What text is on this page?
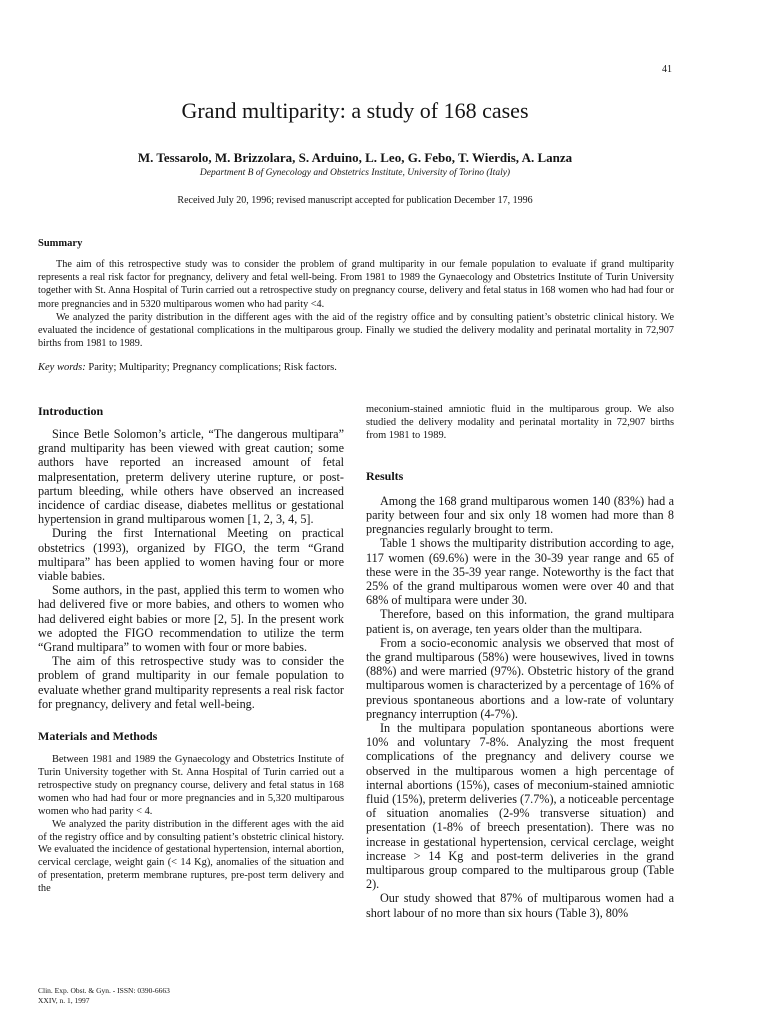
41
Grand multiparity: a study of 168 cases
M. Tessarolo, M. Brizzolara, S. Arduino, L. Leo, G. Febo, T. Wierdis, A. Lanza
Department B of Gynecology and Obstetrics Institute, University of Torino (Italy)
Received July 20, 1996; revised manuscript accepted for publication December 17, 1996
Summary

The aim of this retrospective study was to consider the problem of grand multiparity in our female population to evaluate if grand multiparity represents a real risk factor for pregnancy, delivery and fetal well-being. From 1981 to 1989 the Gynaecology and Obstetrics Institute of Turin University together with St. Anna Hospital of Turin carried out a retrospective study on pregnancy course, delivery and fetal status in 168 women who had had four or more pregnancies and in 5320 multiparous women who had parity <4.

We analyzed the parity distribution in the different ages with the aid of the registry office and by consulting patient’s obstetric clinical history. We evaluated the incidence of gestational complications in the multiparous group. Finally we studied the delivery modality and perinatal mortality in 72,907 births from 1981 to 1989.

Key words: Parity; Multiparity; Pregnancy complications; Risk factors.
Introduction

Since Betle Solomon’s article, “The dangerous multipara” grand multiparity has been viewed with great caution; some authors have reported an increased amount of fetal malpresentation, preterm delivery uterine rupture, or post-partum bleeding, while others have observed an increased incidence of cardiac disease, diabetes mellitus or gestational hypertension in grand multiparous women [1, 2, 3, 4, 5].

During the first International Meeting on practical obstetrics (1993), organized by FIGO, the term “Grand multipara” has been applied to women having four or more viable babies.

Some authors, in the past, applied this term to women who had delivered five or more babies, and others to women who had delivered eight babies or more [2, 5]. In the present work we adopted the FIGO recommendation to utilize the term “Grand multipara” to women with four or more babies.

The aim of this retrospective study was to consider the problem of grand multiparity in our female population to evaluate whether grand multiparity represents a real risk factor for pregnancy, delivery and fetal well-being.

Materials and Methods

Between 1981 and 1989 the Gynaecology and Obstetrics Institute of Turin University together with St. Anna Hospital of Turin carried out a retrospective study on pregnancy course, delivery and fetal status in 168 women who had had four or more pregnancies and in 5,320 multiparous women who had parity < 4.

We analyzed the parity distribution in the different ages with the aid of the registry office and by consulting patient’s obstetric clinical history. We evaluated the incidence of gestational hypertension, internal abortion, cervical cerclage, weight gain (< 14 Kg), anomalies of the situation and of presentation, preterm membrane ruptures, pre-post term delivery and the

meconium-stained amniotic fluid in the multiparous group. We also studied the delivery modality and perinatal mortality in 72,907 births from 1981 to 1989.

Results

Among the 168 grand multiparous women 140 (83%) had a parity between four and six only 18 women had more than 8 pregnancies regularly brought to term.

Table 1 shows the multiparity distribution according to age, 117 women (69.6%) were in the 30-39 year range and 65 of these were in the 35-39 year range. Noteworthy is the fact that 25% of the grand multiparous women were over 40 and that 68% of multipara were under 30.

Therefore, based on this information, the grand multipara patient is, on average, ten years older than the multipara.

From a socio-economic analysis we observed that most of the grand multiparous (58%) were housewives, lived in towns (88%) and were married (97%). Obstetric history of the grand multiparous women is characterized by a percentage of 16% of previous spontaneous abortions and a low-rate of voluntary pregnancy interruption (4-7%).

In the multipara population spontaneous abortions were 10% and voluntary 7-8%. Analyzing the most frequent complications of the pregnancy and delivery course we observed in the multiparous women a high percentage of internal abortions (15%), cases of meconium-stained amniotic fluid (15%), preterm deliveries (7.7%), a noticeable percentage of situation anomalies (2-9% transverse situation) and presentation (1-8% of breech presentation). There was no increase in gestational hypertension, cervical cerclage, weight increase > 14 Kg and post-term deliveries in the grand multiparous group compared to the multiparous group (Table 2).

Our study showed that 87% of multiparous women had a short labour of no more than six hours (Table 3), 80%

Clin. Exp. Obst. & Gyn. - ISSN: 0390-6663
XXIV, n. 1, 1997
